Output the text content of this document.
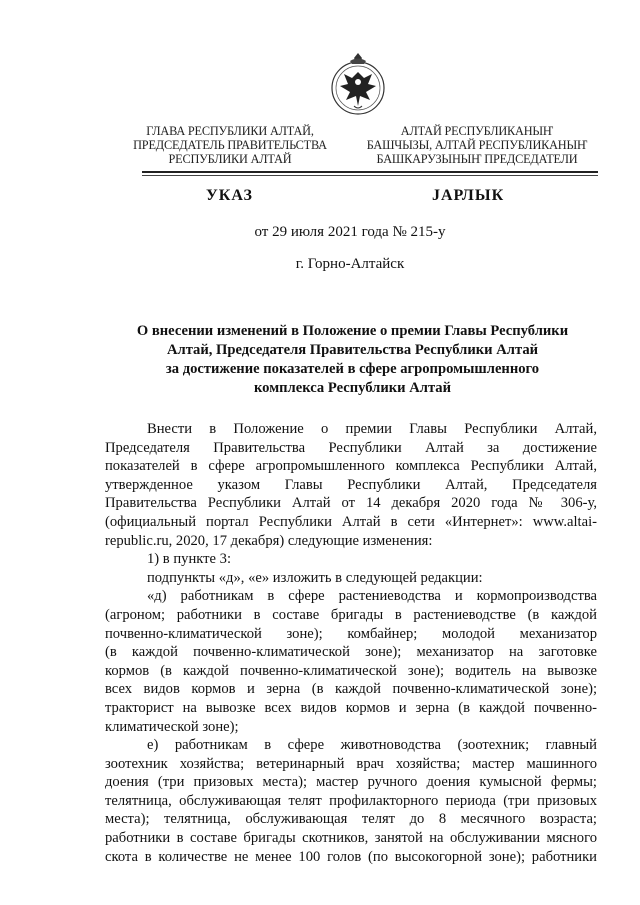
ГЛАВА РЕСПУБЛИКИ АЛТАЙ,
ПРЕДСЕДАТЕЛЬ ПРАВИТЕЛЬСТВА
РЕСПУБЛИКИ АЛТАЙ
АЛТАЙ РЕСПУБЛИКАНЫҤ
БАШЧЫЗЫ, АЛТАЙ РЕСПУБЛИКАНЫҤ
БАШКАРУЗЫНЫҤ ПРЕДСЕДАТЕЛИ
УКАЗ	JАРЛЫК
от 29 июля 2021 года № 215-у
г. Горно-Алтайск
О внесении изменений в Положение о премии Главы Республики
Алтай, Председателя Правительства Республики Алтай
за достижение показателей в сфере агропромышленного
комплекса Республики Алтай
Внести в Положение о премии Главы Республики Алтай,
Председателя Правительства Республики Алтай за достижение
показателей в сфере агропромышленного комплекса Республики Алтай,
утвержденное указом Главы Республики Алтай, Председателя
Правительства Республики Алтай от 14 декабря 2020 года № 306-у,
(официальный портал Республики Алтай в сети «Интернет»: www.altai-
republic.ru, 2020, 17 декабря) следующие изменения:
1) в пункте 3:
подпункты «д», «е» изложить в следующей редакции:
«д) работникам в сфере растениеводства и кормопроизводства
(агроном; работники в составе бригады в растениеводстве (в каждой
почвенно-климатической зоне); комбайнер; молодой механизатор
(в каждой почвенно-климатической зоне); механизатор на заготовке
кормов (в каждой почвенно-климатической зоне); водитель на вывозке
всех видов кормов и зерна (в каждой почвенно-климатической зоне);
тракторист на вывозке всех видов кормов и зерна (в каждой почвенно-
климатической зоне);
е) работникам в сфере животноводства (зоотехник; главный
зоотехник хозяйства; ветеринарный врач хозяйства; мастер машинного
доения (три призовых места); мастер ручного доения кумысной фермы;
телятница, обслуживающая телят профилакторного периода (три призовых
места); телятница, обслуживающая телят до 8 месячного возраста;
работники в составе бригады скотников, занятой на обслуживании мясного
скота в количестве не менее 100 голов (по высокогорной зоне); работники
